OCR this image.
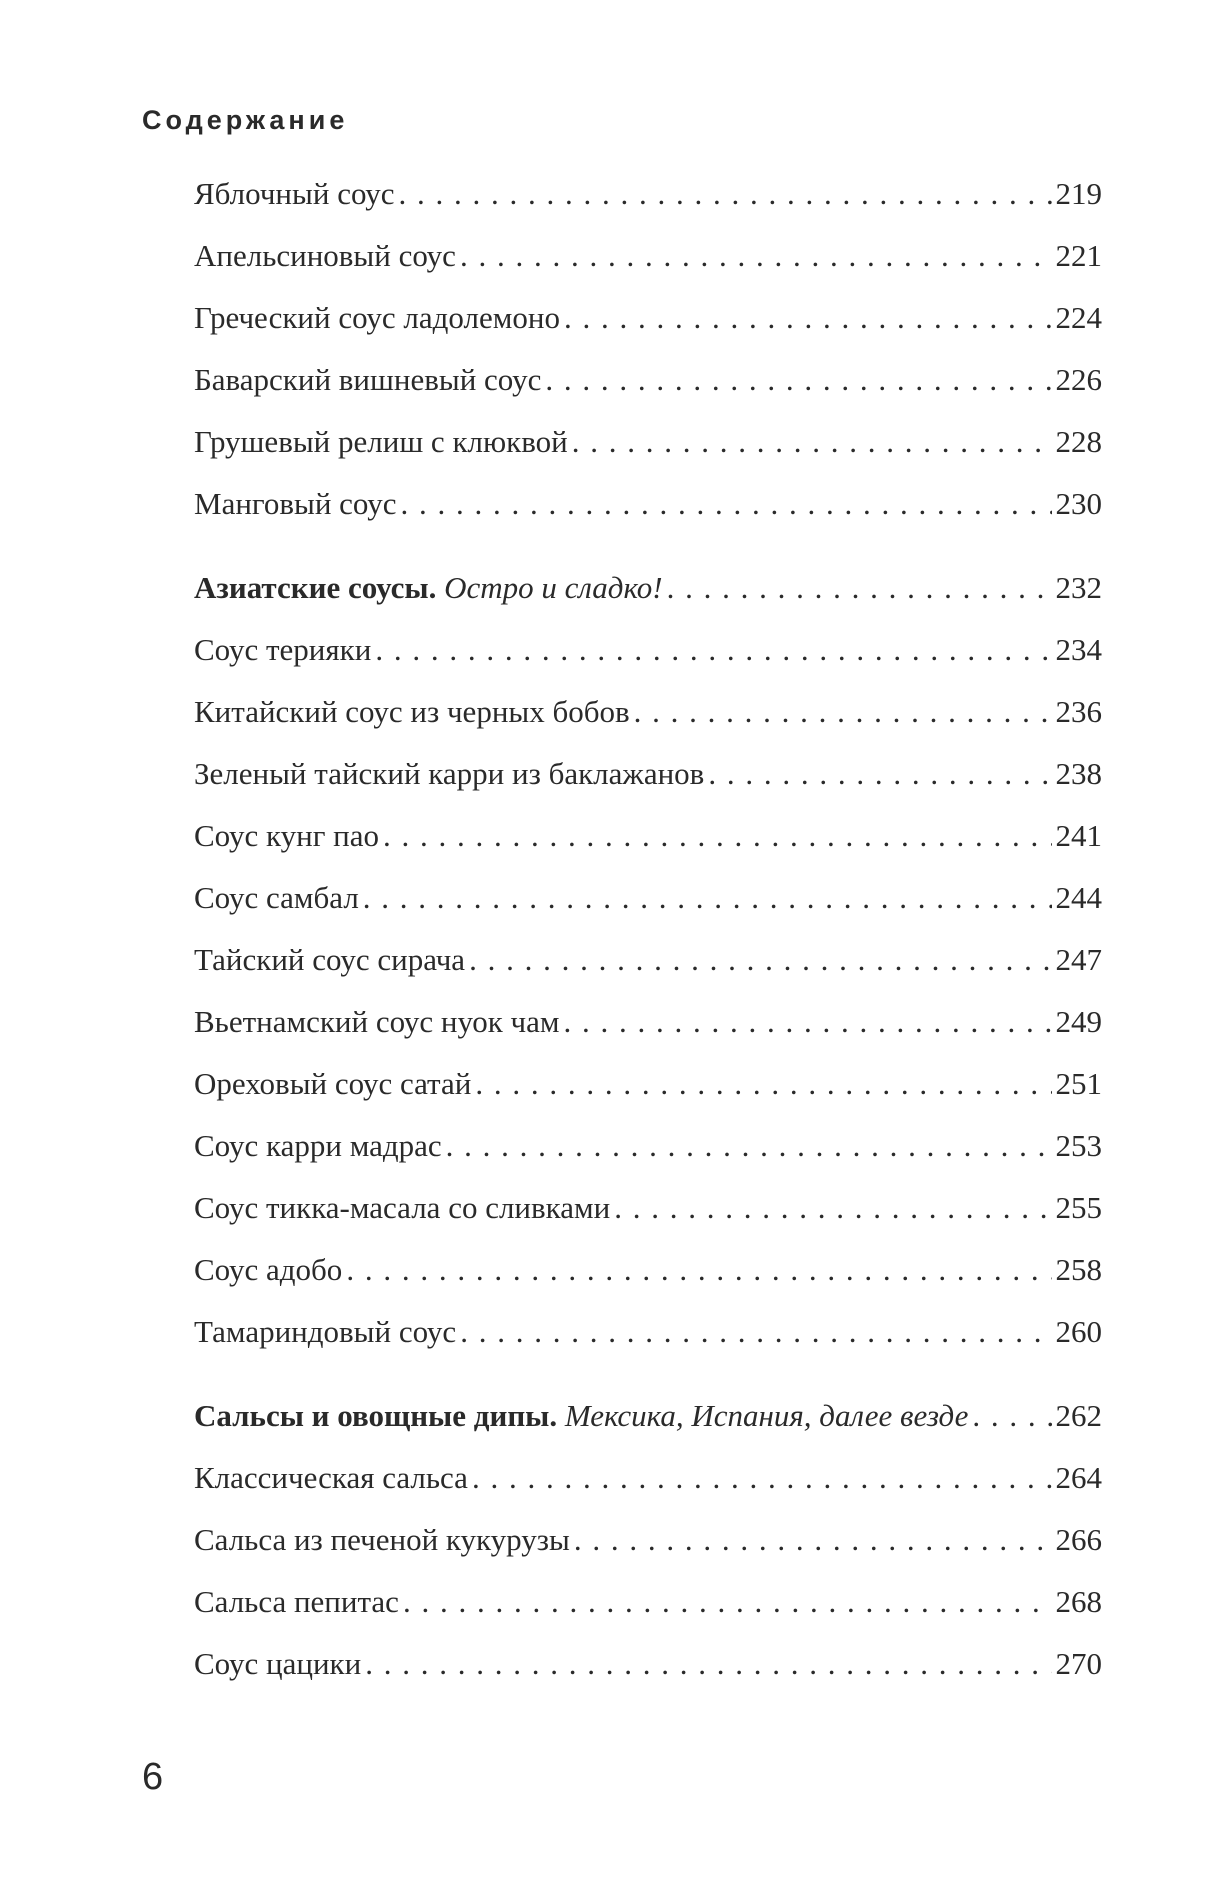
Содержание
Яблочный соус . . .	219
Апельсиновый соус . . .	221
Греческий соус ладолемоно . . .	224
Баварский вишневый соус . . .	226
Грушевый релиш с клюквой . . .	228
Манговый соус . . .	230
Азиатские соусы. Остро и сладко! . . .	232
Соус терияки . . .	234
Китайский соус из черных бобов . . .	236
Зеленый тайский карри из баклажанов . . .	238
Соус кунг пао . . .	241
Соус самбал . . .	244
Тайский соус сирача . . .	247
Вьетнамский соус нуок чам . . .	249
Ореховый соус сатай . . .	251
Соус карри мадрас . . .	253
Соус тикка-масала со сливками . . .	255
Соус адобо . . .	258
Тамариндовый соус . . .	260
Сальсы и овощные дипы. Мексика, Испания, далее везде . . .	262
Классическая сальса . . .	264
Сальса из печеной кукурузы . . .	266
Сальса пепитас . . .	268
Соус цацики . . .	270
6
